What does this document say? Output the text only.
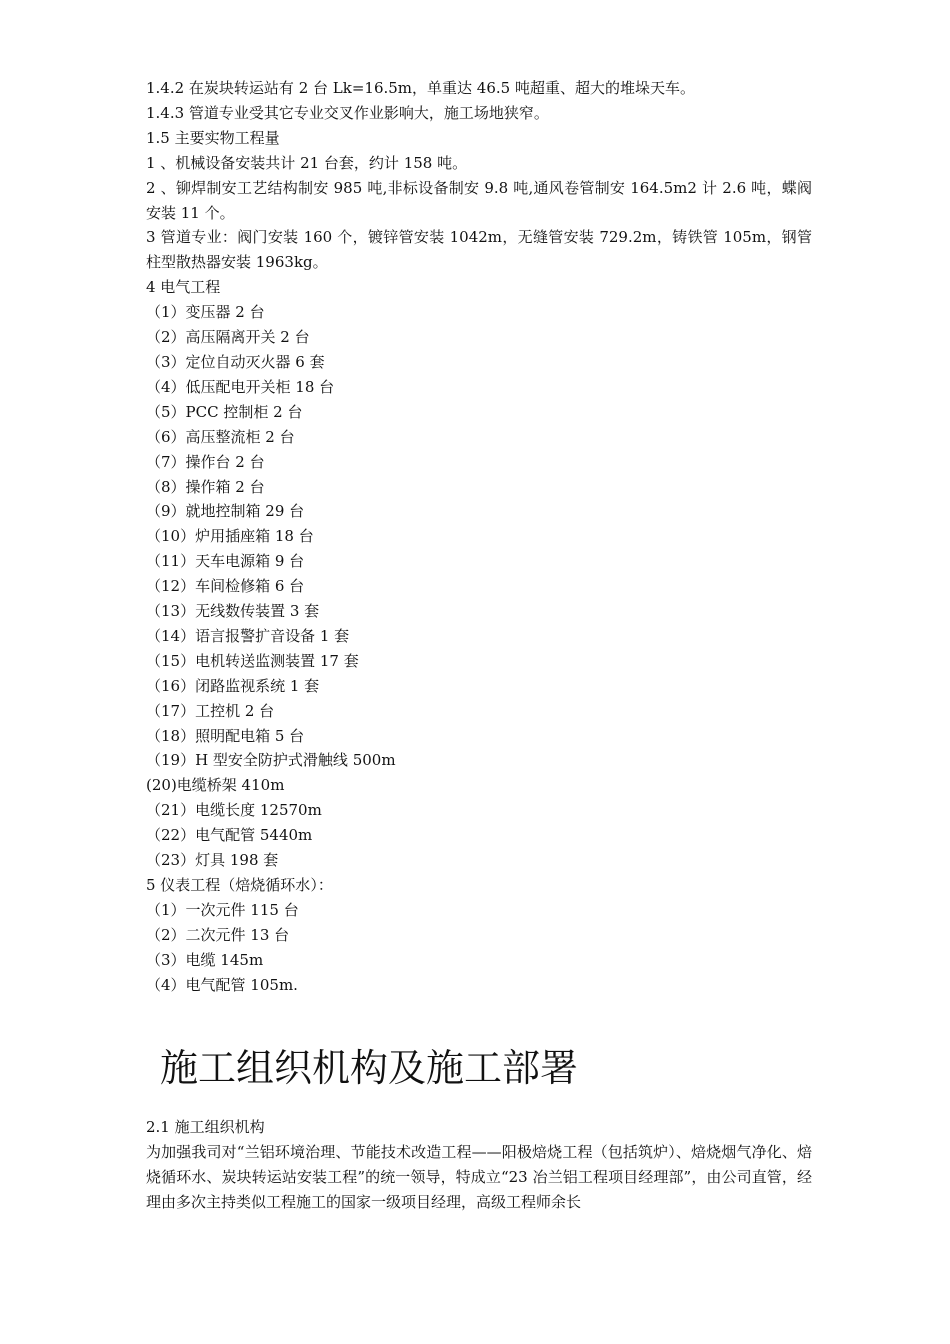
1.4.2 在炭块转运站有 2 台 Lk=16.5m，单重达 46.5 吨超重、超大的堆垛天车。

1.4.3 管道专业受其它专业交叉作业影响大，施工场地狭窄。

1.5 主要实物工程量

1 、机械设备安装共计 21 台套，约计 158 吨。

2 、铆焊制安工艺结构制安 985 吨,非标设备制安 9.8 吨,通风卷管制安 164.5m2 计 2.6 吨，蝶阀安装 11 个。

3 管道专业：阀门安装 160 个，镀锌管安装 1042m，无缝管安装 729.2m，铸铁管 105m，钢管柱型散热器安装 1963kg。

4 电气工程

（1）变压器 2 台

（2）高压隔离开关 2 台

（3）定位自动灭火器 6 套

（4）低压配电开关柜 18 台

（5）PCC 控制柜 2 台

（6）高压整流柜 2 台

（7）操作台 2 台

（8）操作箱 2 台

（9）就地控制箱 29 台

（10）炉用插座箱 18 台

（11）天车电源箱 9 台

（12）车间检修箱 6 台

（13）无线数传装置 3 套

（14）语言报警扩音设备 1 套

（15）电机转送监测装置 17 套

（16）闭路监视系统 1 套

（17）工控机 2 台

（18）照明配电箱 5 台

（19）H 型安全防护式滑触线 500m

(20)电缆桥架 410m

（21）电缆长度 12570m

（22）电气配管 5440m

（23）灯具 198 套

5 仪表工程（焙烧循环水）：

（1）一次元件 115 台

（2）二次元件 13 台

（3）电缆 145m

（4）电气配管 105m.

施工组织机构及施工部署

2.1 施工组织机构

为加强我司对“兰铝环境治理、节能技术改造工程——阳极焙烧工程（包括筑炉）、焙烧烟气净化、焙烧循环水、炭块转运站安装工程”的统一领导，特成立“23 冶兰铝工程项目经理部”，由公司直管，经理由多次主持类似工程施工的国家一级项目经理，高级工程师余长
